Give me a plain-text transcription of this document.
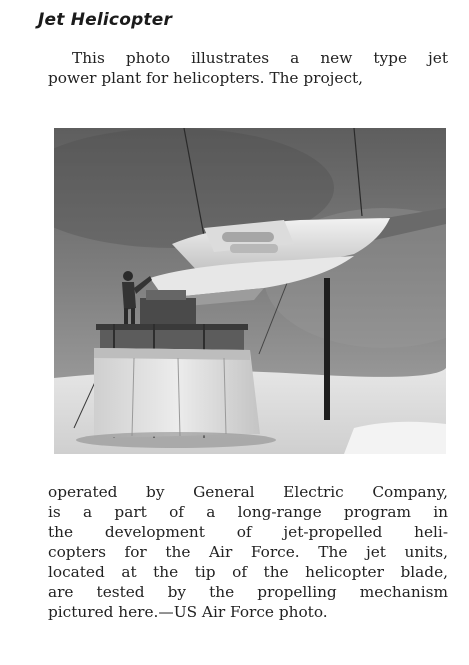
Jet Helicopter

This photo illustrates a new type jet
power plant for helicopters. The project,

operated by General Electric Company,
is a part of a long-range program in
the development of jet-propelled heli-
copters for the Air Force. The jet units,
located at the tip of the helicopter blade,
are tested by the propelling mechanism
pictured here.—US Air Force photo.
